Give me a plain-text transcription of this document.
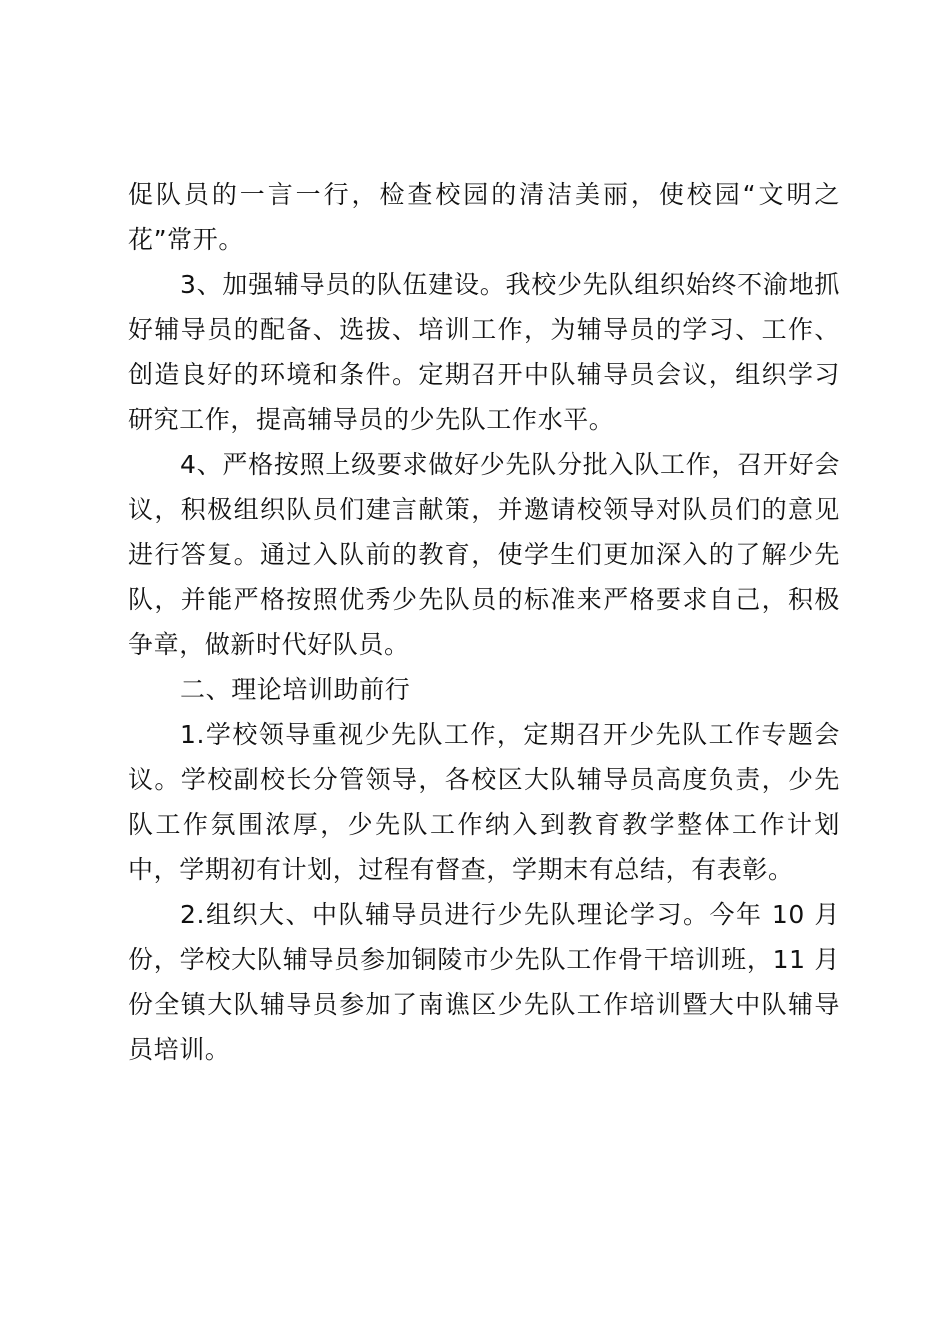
促队员的一言一行，检查校园的清洁美丽，使校园“文明之花”常开。

3、加强辅导员的队伍建设。我校少先队组织始终不渝地抓好辅导员的配备、选拔、培训工作，为辅导员的学习、工作、创造良好的环境和条件。定期召开中队辅导员会议，组织学习研究工作，提高辅导员的少先队工作水平。

4、严格按照上级要求做好少先队分批入队工作，召开好会议，积极组织队员们建言献策，并邀请校领导对队员们的意见进行答复。通过入队前的教育，使学生们更加深入的了解少先队，并能严格按照优秀少先队员的标准来严格要求自己，积极争章，做新时代好队员。

二、理论培训助前行

1.学校领导重视少先队工作，定期召开少先队工作专题会议。学校副校长分管领导，各校区大队辅导员高度负责，少先队工作氛围浓厚，少先队工作纳入到教育教学整体工作计划中，学期初有计划，过程有督查，学期末有总结，有表彰。

2.组织大、中队辅导员进行少先队理论学习。今年 10 月份，学校大队辅导员参加铜陵市少先队工作骨干培训班，11 月份全镇大队辅导员参加了南谯区少先队工作培训暨大中队辅导员培训。
